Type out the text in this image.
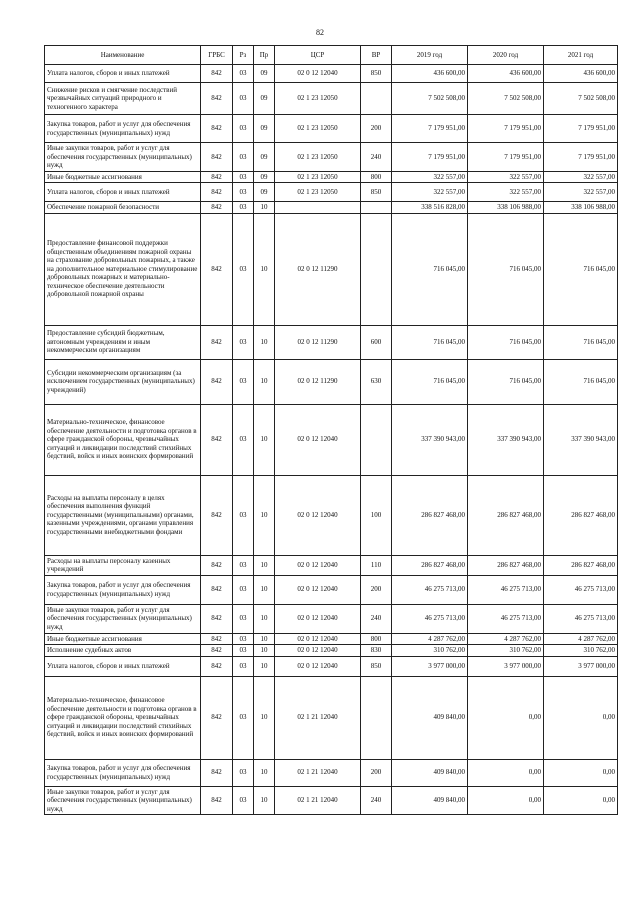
82
Наименование	ГРБС	Рз	Пр	ЦСР	ВР	2019 год	2020 год	2021 год
Уплата налогов, сборов и иных платежей	842	03	09	02 0 12 12040	850	436 600,00	436 600,00	436 600,00
Снижение рисков и смягчение последствий чрезвычайных ситуаций природного и техногенного характера	842	03	09	02 1 23 12050		7 502 508,00	7 502 508,00	7 502 508,00
Закупка товаров, работ и услуг для обеспечения государственных (муниципальных) нужд	842	03	09	02 1 23 12050	200	7 179 951,00	7 179 951,00	7 179 951,00
Иные закупки товаров, работ и услуг для обеспечения государственных (муниципальных) нужд	842	03	09	02 1 23 12050	240	7 179 951,00	7 179 951,00	7 179 951,00
Иные бюджетные ассигнования	842	03	09	02 1 23 12050	800	322 557,00	322 557,00	322 557,00
Уплата налогов, сборов и иных платежей	842	03	09	02 1 23 12050	850	322 557,00	322 557,00	322 557,00
Обеспечение пожарной безопасности	842	03	10			338 516 828,00	338 106 988,00	338 106 988,00
Предоставление финансовой поддержки общественным объединениям пожарной охраны на страхование добровольных пожарных, а также на дополнительное материальное стимулирование добровольных пожарных и материально-техническое обеспечение деятельности добровольной пожарной охраны	842	03	10	02 0 12 11290		716 045,00	716 045,00	716 045,00
Предоставление субсидий бюджетным, автономным учреждениям и иным некоммерческим организациям	842	03	10	02 0 12 11290	600	716 045,00	716 045,00	716 045,00
Субсидии некоммерческим организациям (за исключением государственных (муниципальных) учреждений)	842	03	10	02 0 12 11290	630	716 045,00	716 045,00	716 045,00
Материально-техническое, финансовое обеспечение деятельности и подготовка органов в сфере гражданской обороны, чрезвычайных ситуаций и ликвидации последствий стихийных бедствий, войск и иных воинских формирований	842	03	10	02 0 12 12040		337 390 943,00	337 390 943,00	337 390 943,00
Расходы на выплаты персоналу в целях обеспечения выполнения функций государственными (муниципальными) органами, казенными учреждениями, органами управления государственными внебюджетными фондами	842	03	10	02 0 12 12040	100	286 827 468,00	286 827 468,00	286 827 468,00
Расходы на выплаты персоналу казенных учреждений	842	03	10	02 0 12 12040	110	286 827 468,00	286 827 468,00	286 827 468,00
Закупка товаров, работ и услуг для обеспечения государственных (муниципальных) нужд	842	03	10	02 0 12 12040	200	46 275 713,00	46 275 713,00	46 275 713,00
Иные закупки товаров, работ и услуг для обеспечения государственных (муниципальных) нужд	842	03	10	02 0 12 12040	240	46 275 713,00	46 275 713,00	46 275 713,00
Иные бюджетные ассигнования	842	03	10	02 0 12 12040	800	4 287 762,00	4 287 762,00	4 287 762,00
Исполнение судебных актов	842	03	10	02 0 12 12040	830	310 762,00	310 762,00	310 762,00
Уплата налогов, сборов и иных платежей	842	03	10	02 0 12 12040	850	3 977 000,00	3 977 000,00	3 977 000,00
Материально-техническое, финансовое обеспечение деятельности и подготовка органов в сфере гражданской обороны, чрезвычайных ситуаций и ликвидации последствий стихийных бедствий, войск и иных воинских формирований	842	03	10	02 1 21 12040		409 840,00	0,00	0,00
Закупка товаров, работ и услуг для обеспечения государственных (муниципальных) нужд	842	03	10	02 1 21 12040	200	409 840,00	0,00	0,00
Иные закупки товаров, работ и услуг для обеспечения государственных (муниципальных) нужд	842	03	10	02 1 21 12040	240	409 840,00	0,00	0,00
